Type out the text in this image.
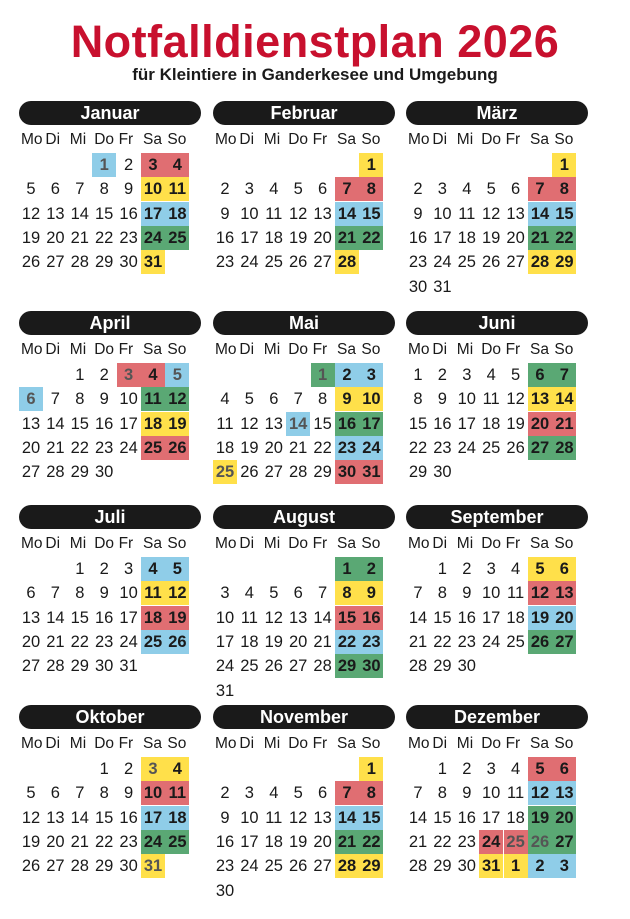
Notfalldienstplan 2026
für Kleintiere in Ganderkesee und Umgebung
Januar
Mo Di Mi Do Fr Sa So
1 2 3 4
5 6 7 8 9 10 11
12 13 14 15 16 17 18
19 20 21 22 23 24 25
26 27 28 29 30 31
Februar
Mo Di Mi Do Fr Sa So
1
2 3 4 5 6 7 8
9 10 11 12 13 14 15
16 17 18 19 20 21 22
23 24 25 26 27 28
März
Mo Di Mi Do Fr Sa So
1
2 3 4 5 6 7 8
9 10 11 12 13 14 15
16 17 18 19 20 21 22
23 24 25 26 27 28 29
30 31
April
Mo Di Mi Do Fr Sa So
1 2 3 4 5
6 7 8 9 10 11 12
13 14 15 16 17 18 19
20 21 22 23 24 25 26
27 28 29 30
Mai
Mo Di Mi Do Fr Sa So
1 2 3
4 5 6 7 8 9 10
11 12 13 14 15 16 17
18 19 20 21 22 23 24
25 26 27 28 29 30 31
Juni
Mo Di Mi Do Fr Sa So
1 2 3 4 5 6 7
8 9 10 11 12 13 14
15 16 17 18 19 20 21
22 23 24 25 26 27 28
29 30
Juli
Mo Di Mi Do Fr Sa So
1 2 3 4 5
6 7 8 9 10 11 12
13 14 15 16 17 18 19
20 21 22 23 24 25 26
27 28 29 30 31
August
Mo Di Mi Do Fr Sa So
1 2
3 4 5 6 7 8 9
10 11 12 13 14 15 16
17 18 19 20 21 22 23
24 25 26 27 28 29 30
31
September
Mo Di Mi Do Fr Sa So
1 2 3 4 5 6
7 8 9 10 11 12 13
14 15 16 17 18 19 20
21 22 23 24 25 26 27
28 29 30
Oktober
Mo Di Mi Do Fr Sa So
1 2 3 4
5 6 7 8 9 10 11
12 13 14 15 16 17 18
19 20 21 22 23 24 25
26 27 28 29 30 31
November
Mo Di Mi Do Fr Sa So
1
2 3 4 5 6 7 8
9 10 11 12 13 14 15
16 17 18 19 20 21 22
23 24 25 26 27 28 29
30
Dezember
Mo Di Mi Do Fr Sa So
1 2 3 4 5 6
7 8 9 10 11 12 13
14 15 16 17 18 19 20
21 22 23 24 25 26 27
28 29 30 31 1 2 3
